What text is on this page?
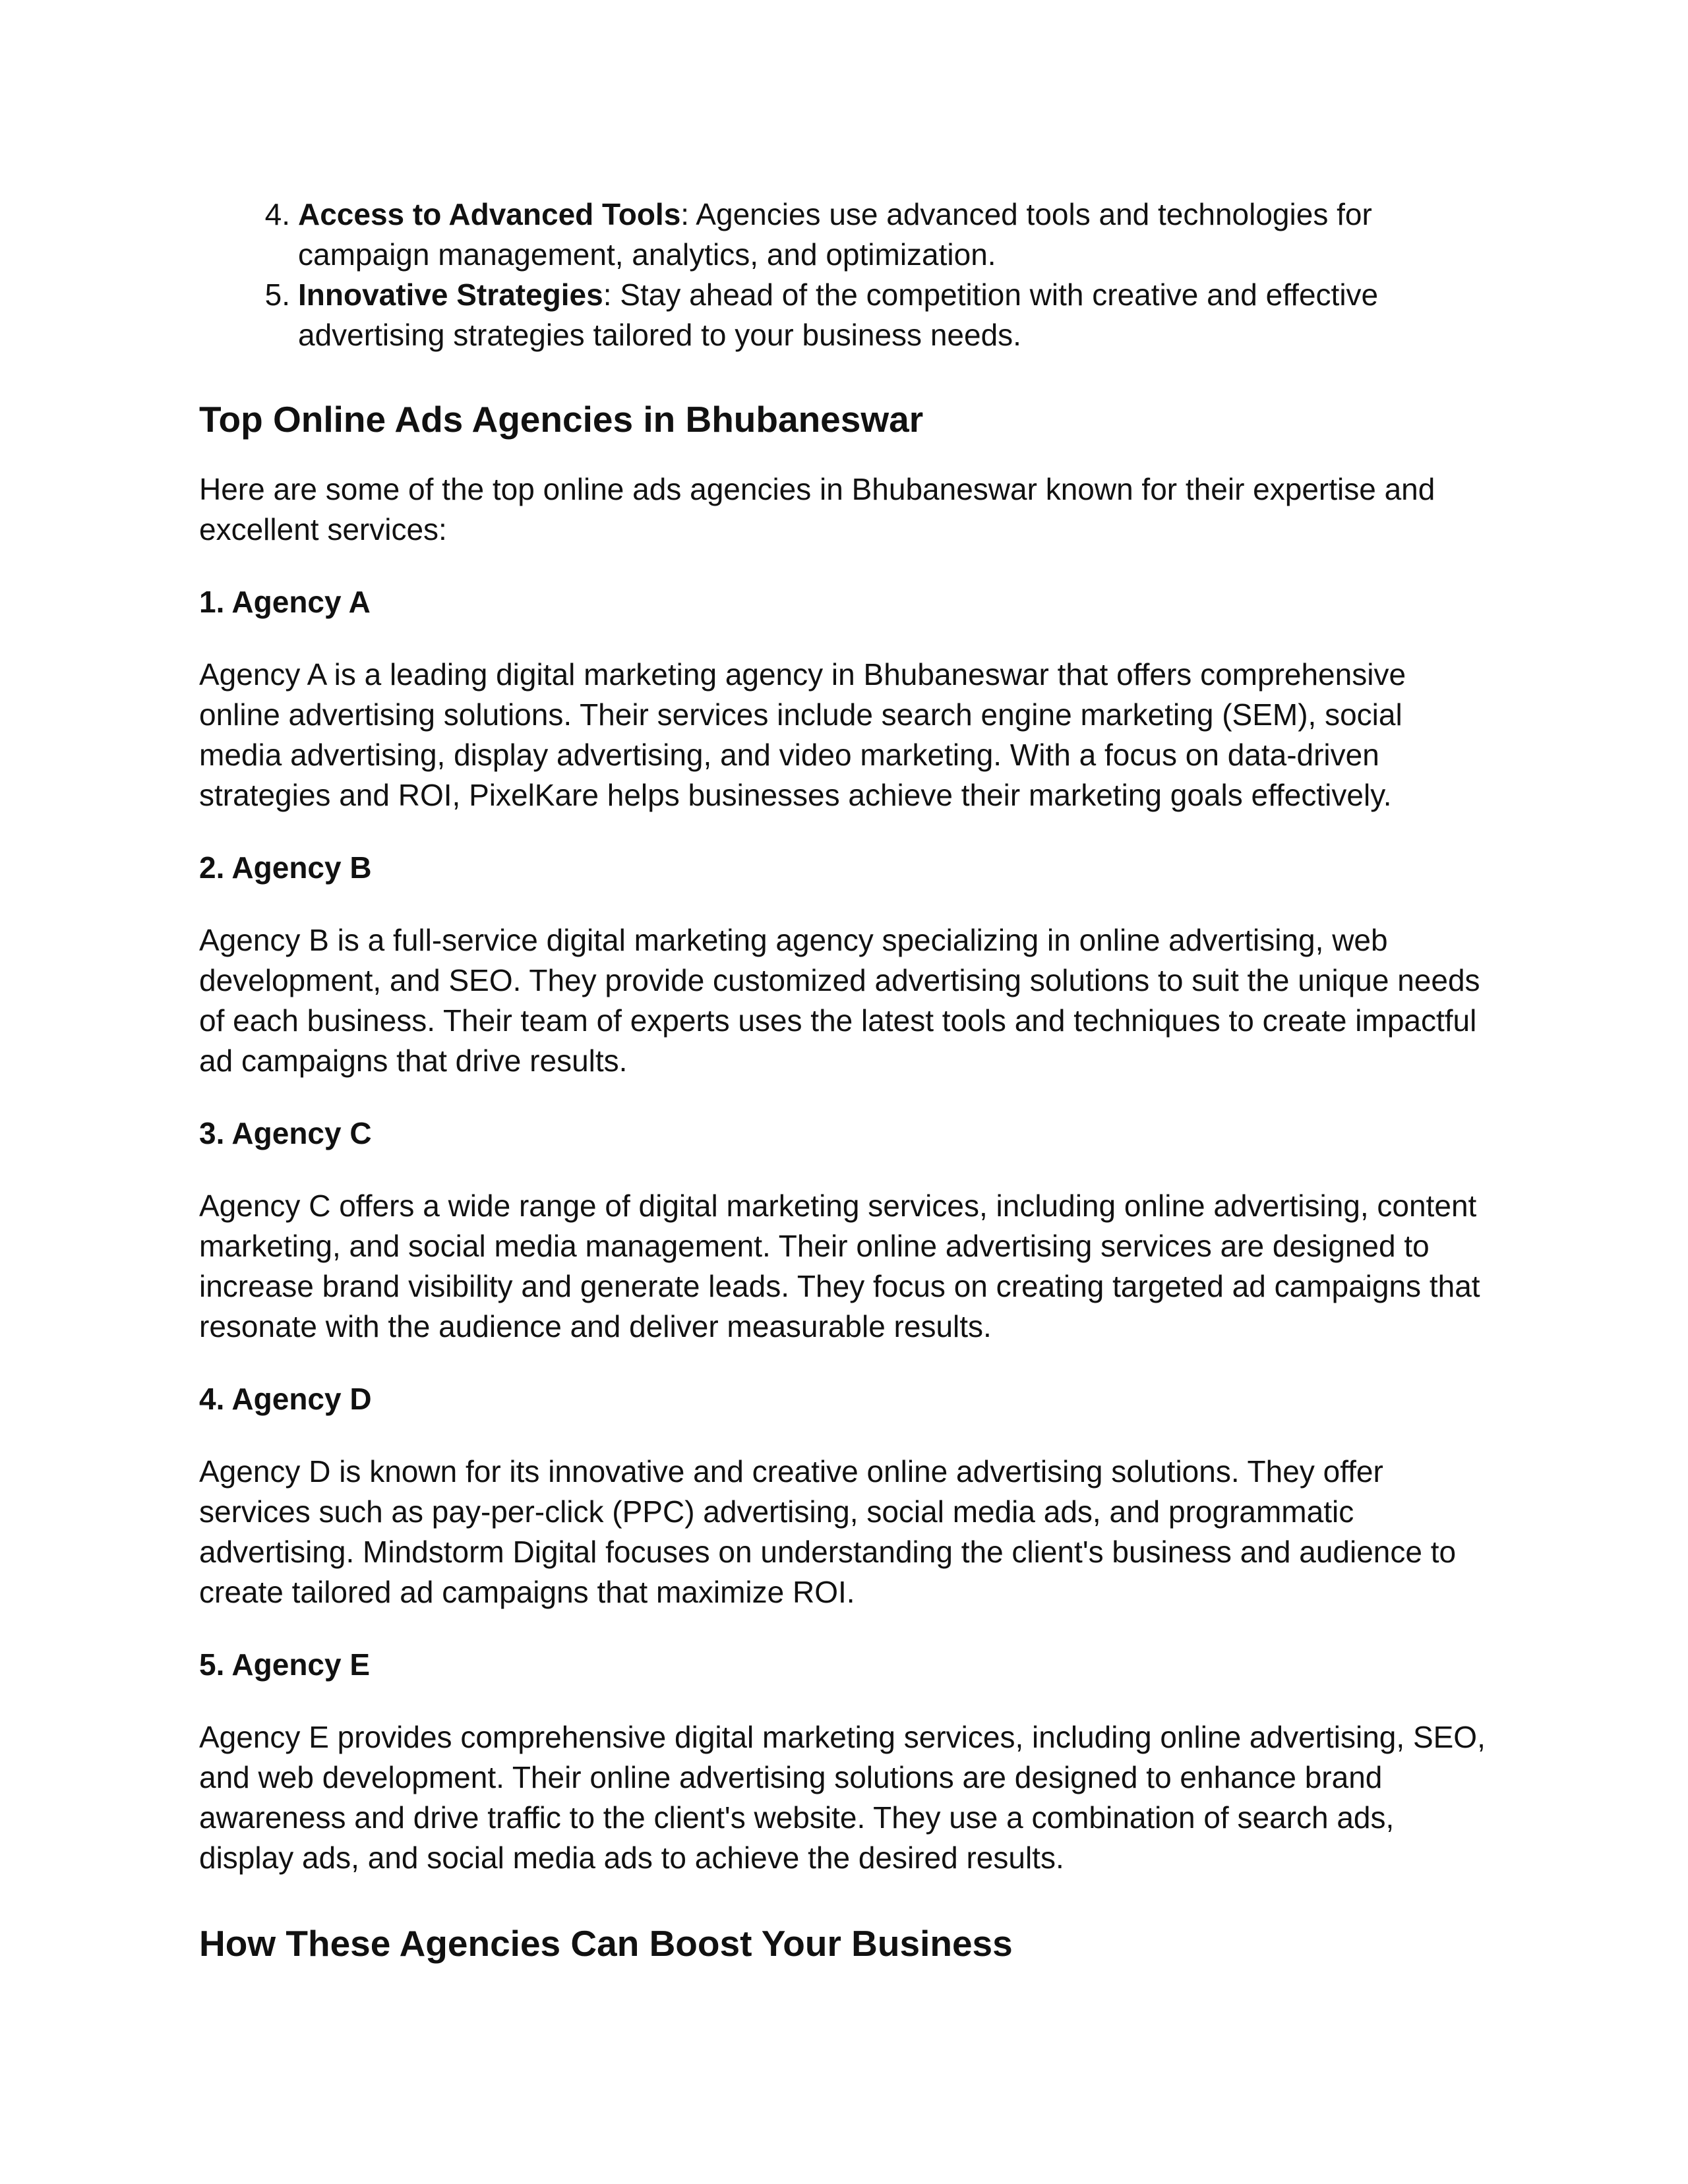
4. Access to Advanced Tools: Agencies use advanced tools and technologies for campaign management, analytics, and optimization.
5. Innovative Strategies: Stay ahead of the competition with creative and effective advertising strategies tailored to your business needs.
Top Online Ads Agencies in Bhubaneswar

Here are some of the top online ads agencies in Bhubaneswar known for their expertise and excellent services:

1. Agency A

Agency A is a leading digital marketing agency in Bhubaneswar that offers comprehensive online advertising solutions. Their services include search engine marketing (SEM), social media advertising, display advertising, and video marketing. With a focus on data-driven strategies and ROI, PixelKare helps businesses achieve their marketing goals effectively.

2. Agency B

Agency B is a full-service digital marketing agency specializing in online advertising, web development, and SEO. They provide customized advertising solutions to suit the unique needs of each business. Their team of experts uses the latest tools and techniques to create impactful ad campaigns that drive results.

3. Agency C

Agency C offers a wide range of digital marketing services, including online advertising, content marketing, and social media management. Their online advertising services are designed to increase brand visibility and generate leads. They focus on creating targeted ad campaigns that resonate with the audience and deliver measurable results.

4. Agency D

Agency D is known for its innovative and creative online advertising solutions. They offer services such as pay-per-click (PPC) advertising, social media ads, and programmatic advertising. Mindstorm Digital focuses on understanding the client's business and audience to create tailored ad campaigns that maximize ROI.

5. Agency E

Agency E provides comprehensive digital marketing services, including online advertising, SEO, and web development. Their online advertising solutions are designed to enhance brand awareness and drive traffic to the client's website. They use a combination of search ads, display ads, and social media ads to achieve the desired results.

How These Agencies Can Boost Your Business
